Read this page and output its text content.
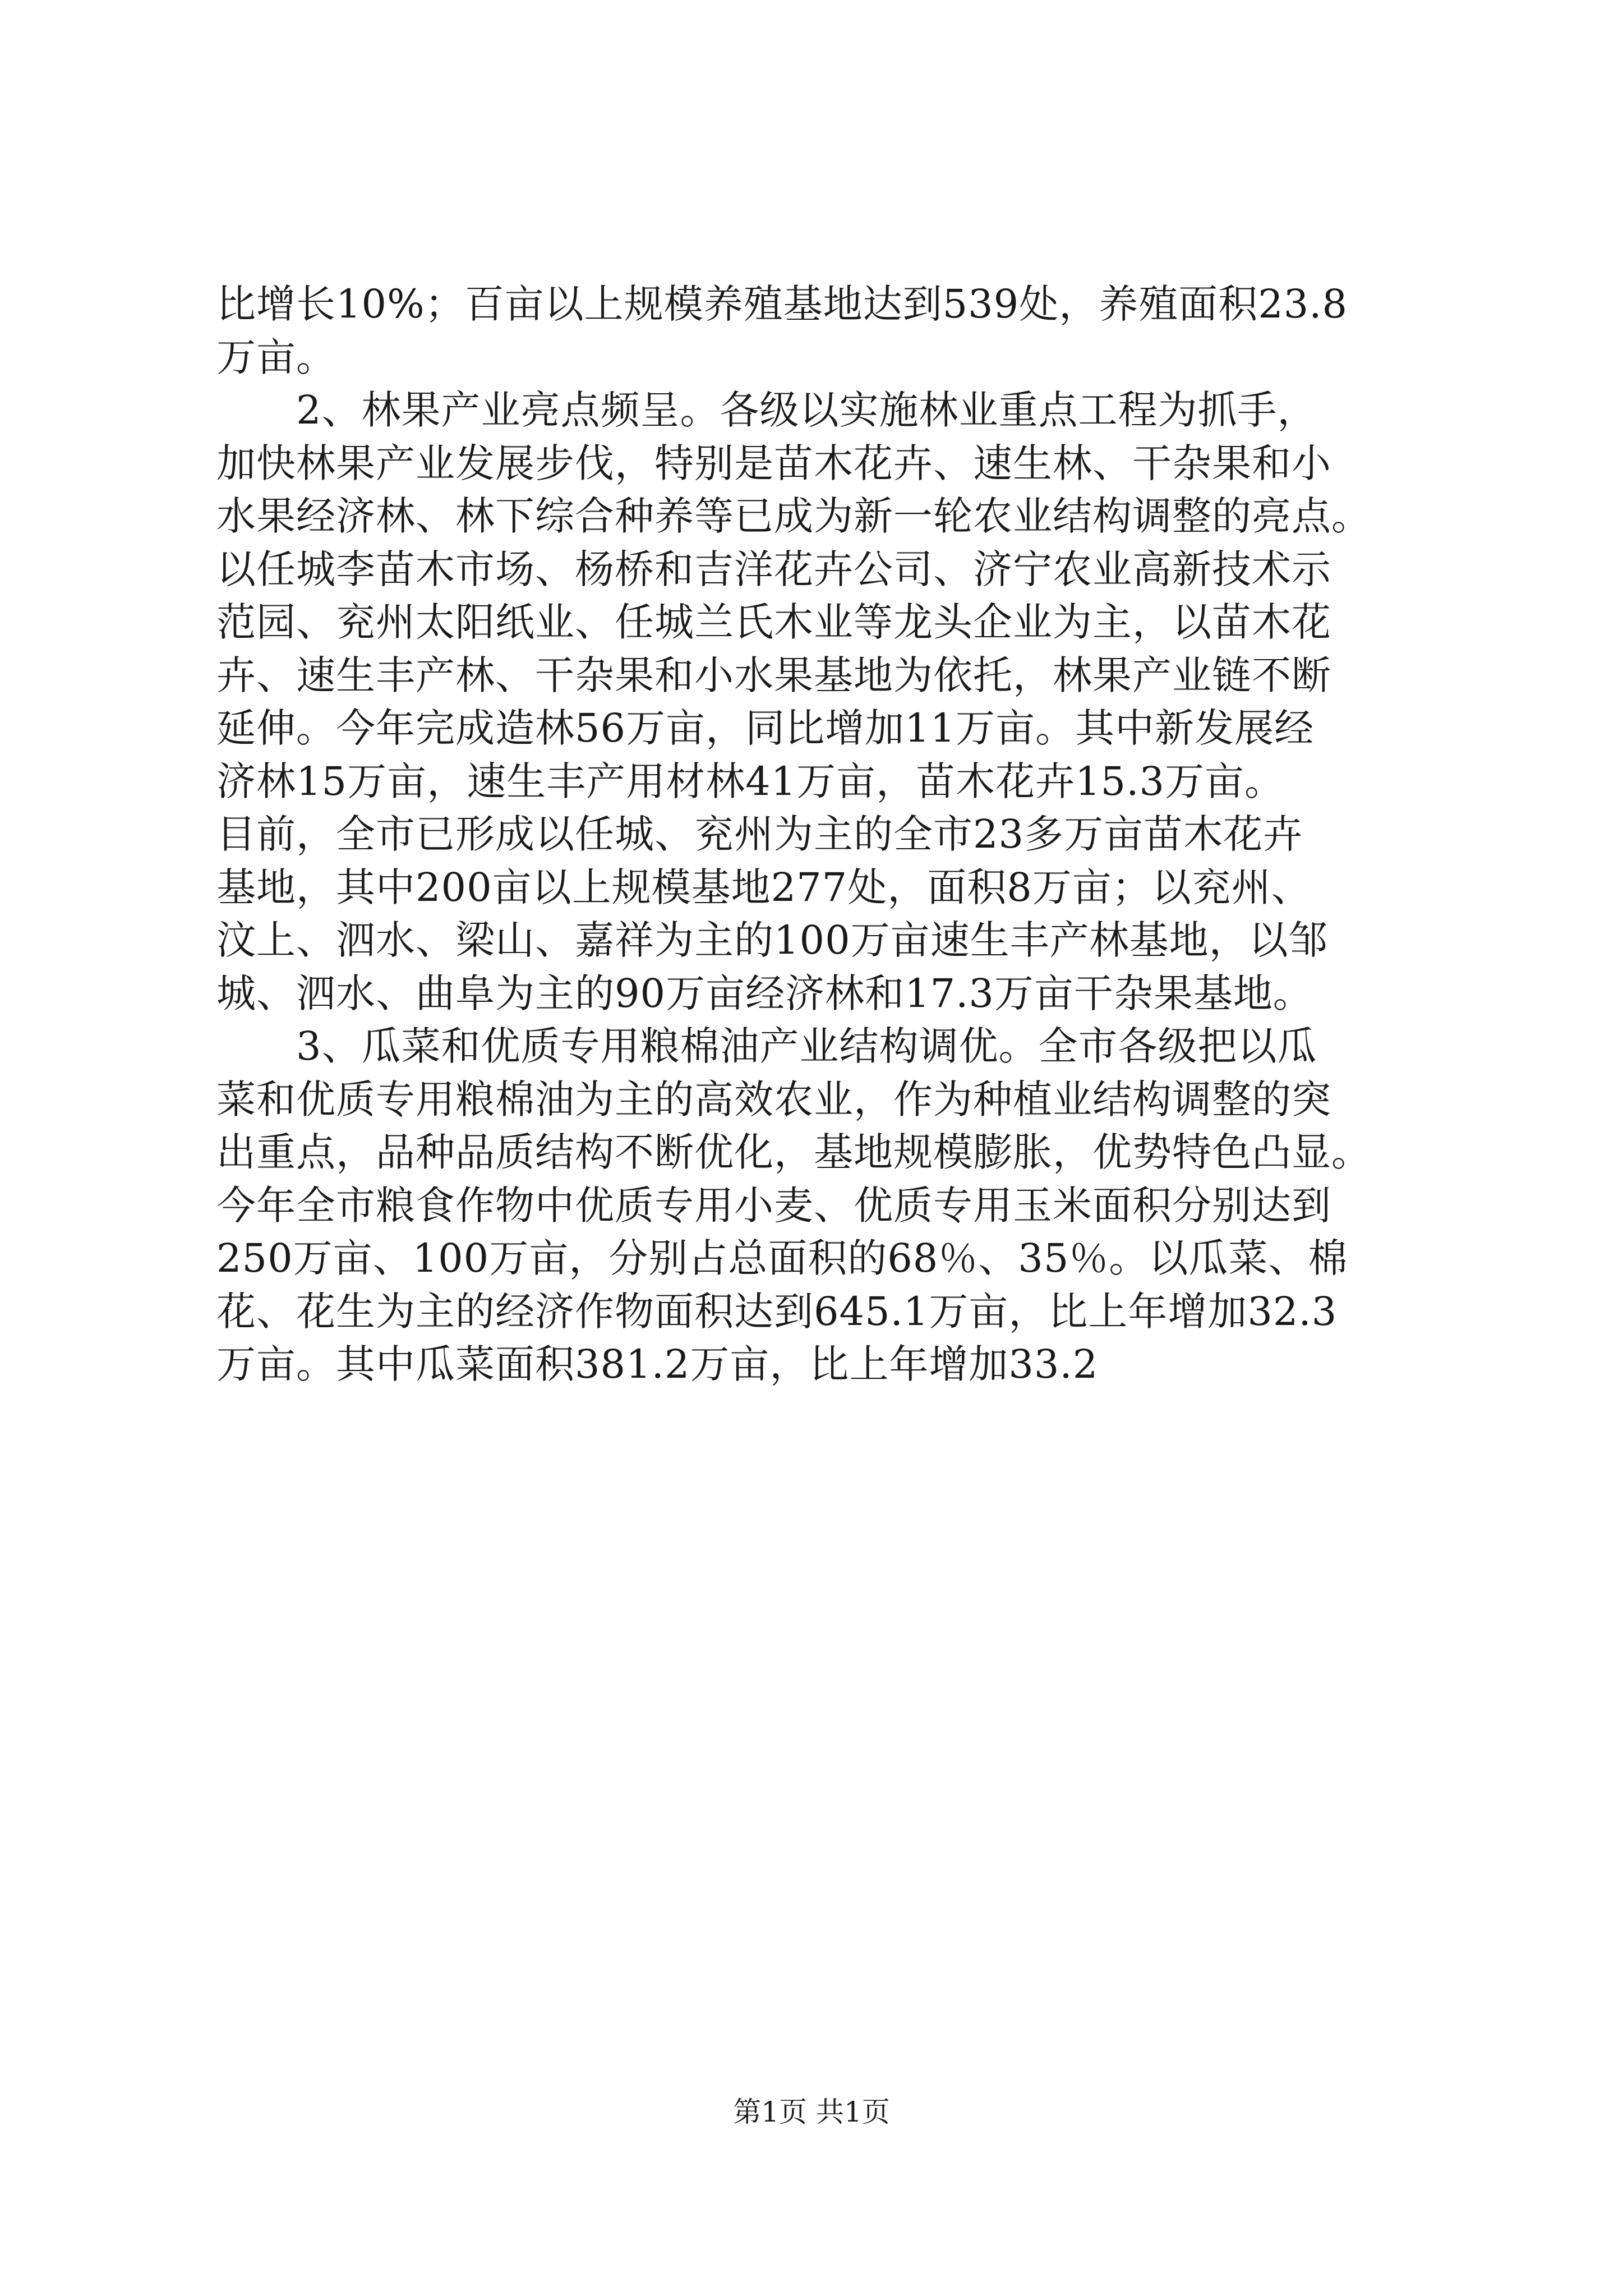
比增长10%；百亩以上规模养殖基地达到539处，养殖面积23.8
万亩。
　　2、林果产业亮点频呈。各级以实施林业重点工程为抓手，
加快林果产业发展步伐，特别是苗木花卉、速生林、干杂果和小
水果经济林、林下综合种养等已成为新一轮农业结构调整的亮点。
以任城李苗木市场、杨桥和吉洋花卉公司、济宁农业高新技术示
范园、兖州太阳纸业、任城兰氏木业等龙头企业为主，以苗木花
卉、速生丰产林、干杂果和小水果基地为依托，林果产业链不断
延伸。今年完成造林56万亩，同比增加11万亩。其中新发展经
济林15万亩，速生丰产用材林41万亩，苗木花卉15.3万亩。
目前，全市已形成以任城、兖州为主的全市23多万亩苗木花卉
基地，其中200亩以上规模基地277处，面积8万亩；以兖州、
汶上、泗水、梁山、嘉祥为主的100万亩速生丰产林基地，以邹
城、泗水、曲阜为主的90万亩经济林和17.3万亩干杂果基地。
　　3、瓜菜和优质专用粮棉油产业结构调优。全市各级把以瓜
菜和优质专用粮棉油为主的高效农业，作为种植业结构调整的突
出重点，品种品质结构不断优化，基地规模膨胀，优势特色凸显。
今年全市粮食作物中优质专用小麦、优质专用玉米面积分别达到
250万亩、100万亩，分别占总面积的68％、35％。以瓜菜、棉
花、花生为主的经济作物面积达到645.1万亩，比上年增加32.3
万亩。其中瓜菜面积381.2万亩，比上年增加33.2
第1页 共1页
